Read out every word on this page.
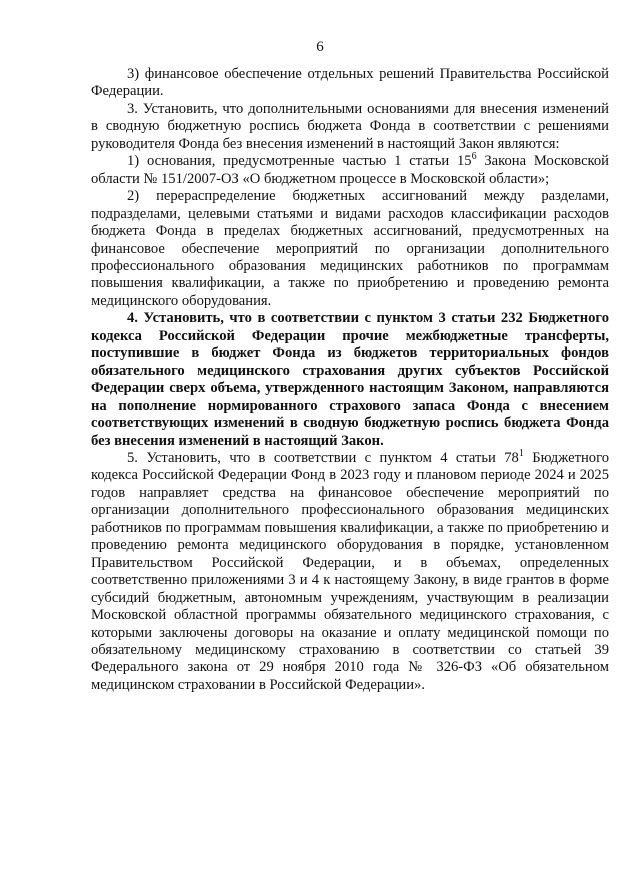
6

3) финансовое обеспечение отдельных решений Правительства Российской Федерации.

3. Установить, что дополнительными основаниями для внесения изменений в сводную бюджетную роспись бюджета Фонда в соответствии с решениями руководителя Фонда без внесения изменений в настоящий Закон являются:

1) основания, предусмотренные частью 1 статьи $15^6$ Закона Московской области № 151/2007-ОЗ «О бюджетном процессе в Московской области»;

2) перераспределение бюджетных ассигнований между разделами, подразделами, целевыми статьями и видами расходов классификации расходов бюджета Фонда в пределах бюджетных ассигнований, предусмотренных на финансовое обеспечение мероприятий по организации дополнительного профессионального образования медицинских работников по программам повышения квалификации, а также по приобретению и проведению ремонта медицинского оборудования.

4. Установить, что в соответствии с пунктом 3 статьи 232 Бюджетного кодекса Российской Федерации прочие межбюджетные трансферты, поступившие в бюджет Фонда из бюджетов территориальных фондов обязательного медицинского страхования других субъектов Российской Федерации сверх объема, утвержденного настоящим Законом, направляются на пополнение нормированного страхового запаса Фонда с внесением соответствующих изменений в сводную бюджетную роспись бюджета Фонда без внесения изменений в настоящий Закон.

5. Установить, что в соответствии с пунктом 4 статьи $78^1$ Бюджетного кодекса Российской Федерации Фонд в 2023 году и плановом периоде 2024 и 2025 годов направляет средства на финансовое обеспечение мероприятий по организации дополнительного профессионального образования медицинских работников по программам повышения квалификации, а также по приобретению и проведению ремонта медицинского оборудования в порядке, установленном Правительством Российской Федерации, и в объемах, определенных соответственно приложениями 3 и 4 к настоящему Закону, в виде грантов в форме субсидий бюджетным, автономным учреждениям, участвующим в реализации Московской областной программы обязательного медицинского страхования, с которыми заключены договоры на оказание и оплату медицинской помощи по обязательному медицинскому страхованию в соответствии со статьей 39 Федерального закона от 29 ноября 2010 года № 326-ФЗ «Об обязательном медицинском страховании в Российской Федерации».
